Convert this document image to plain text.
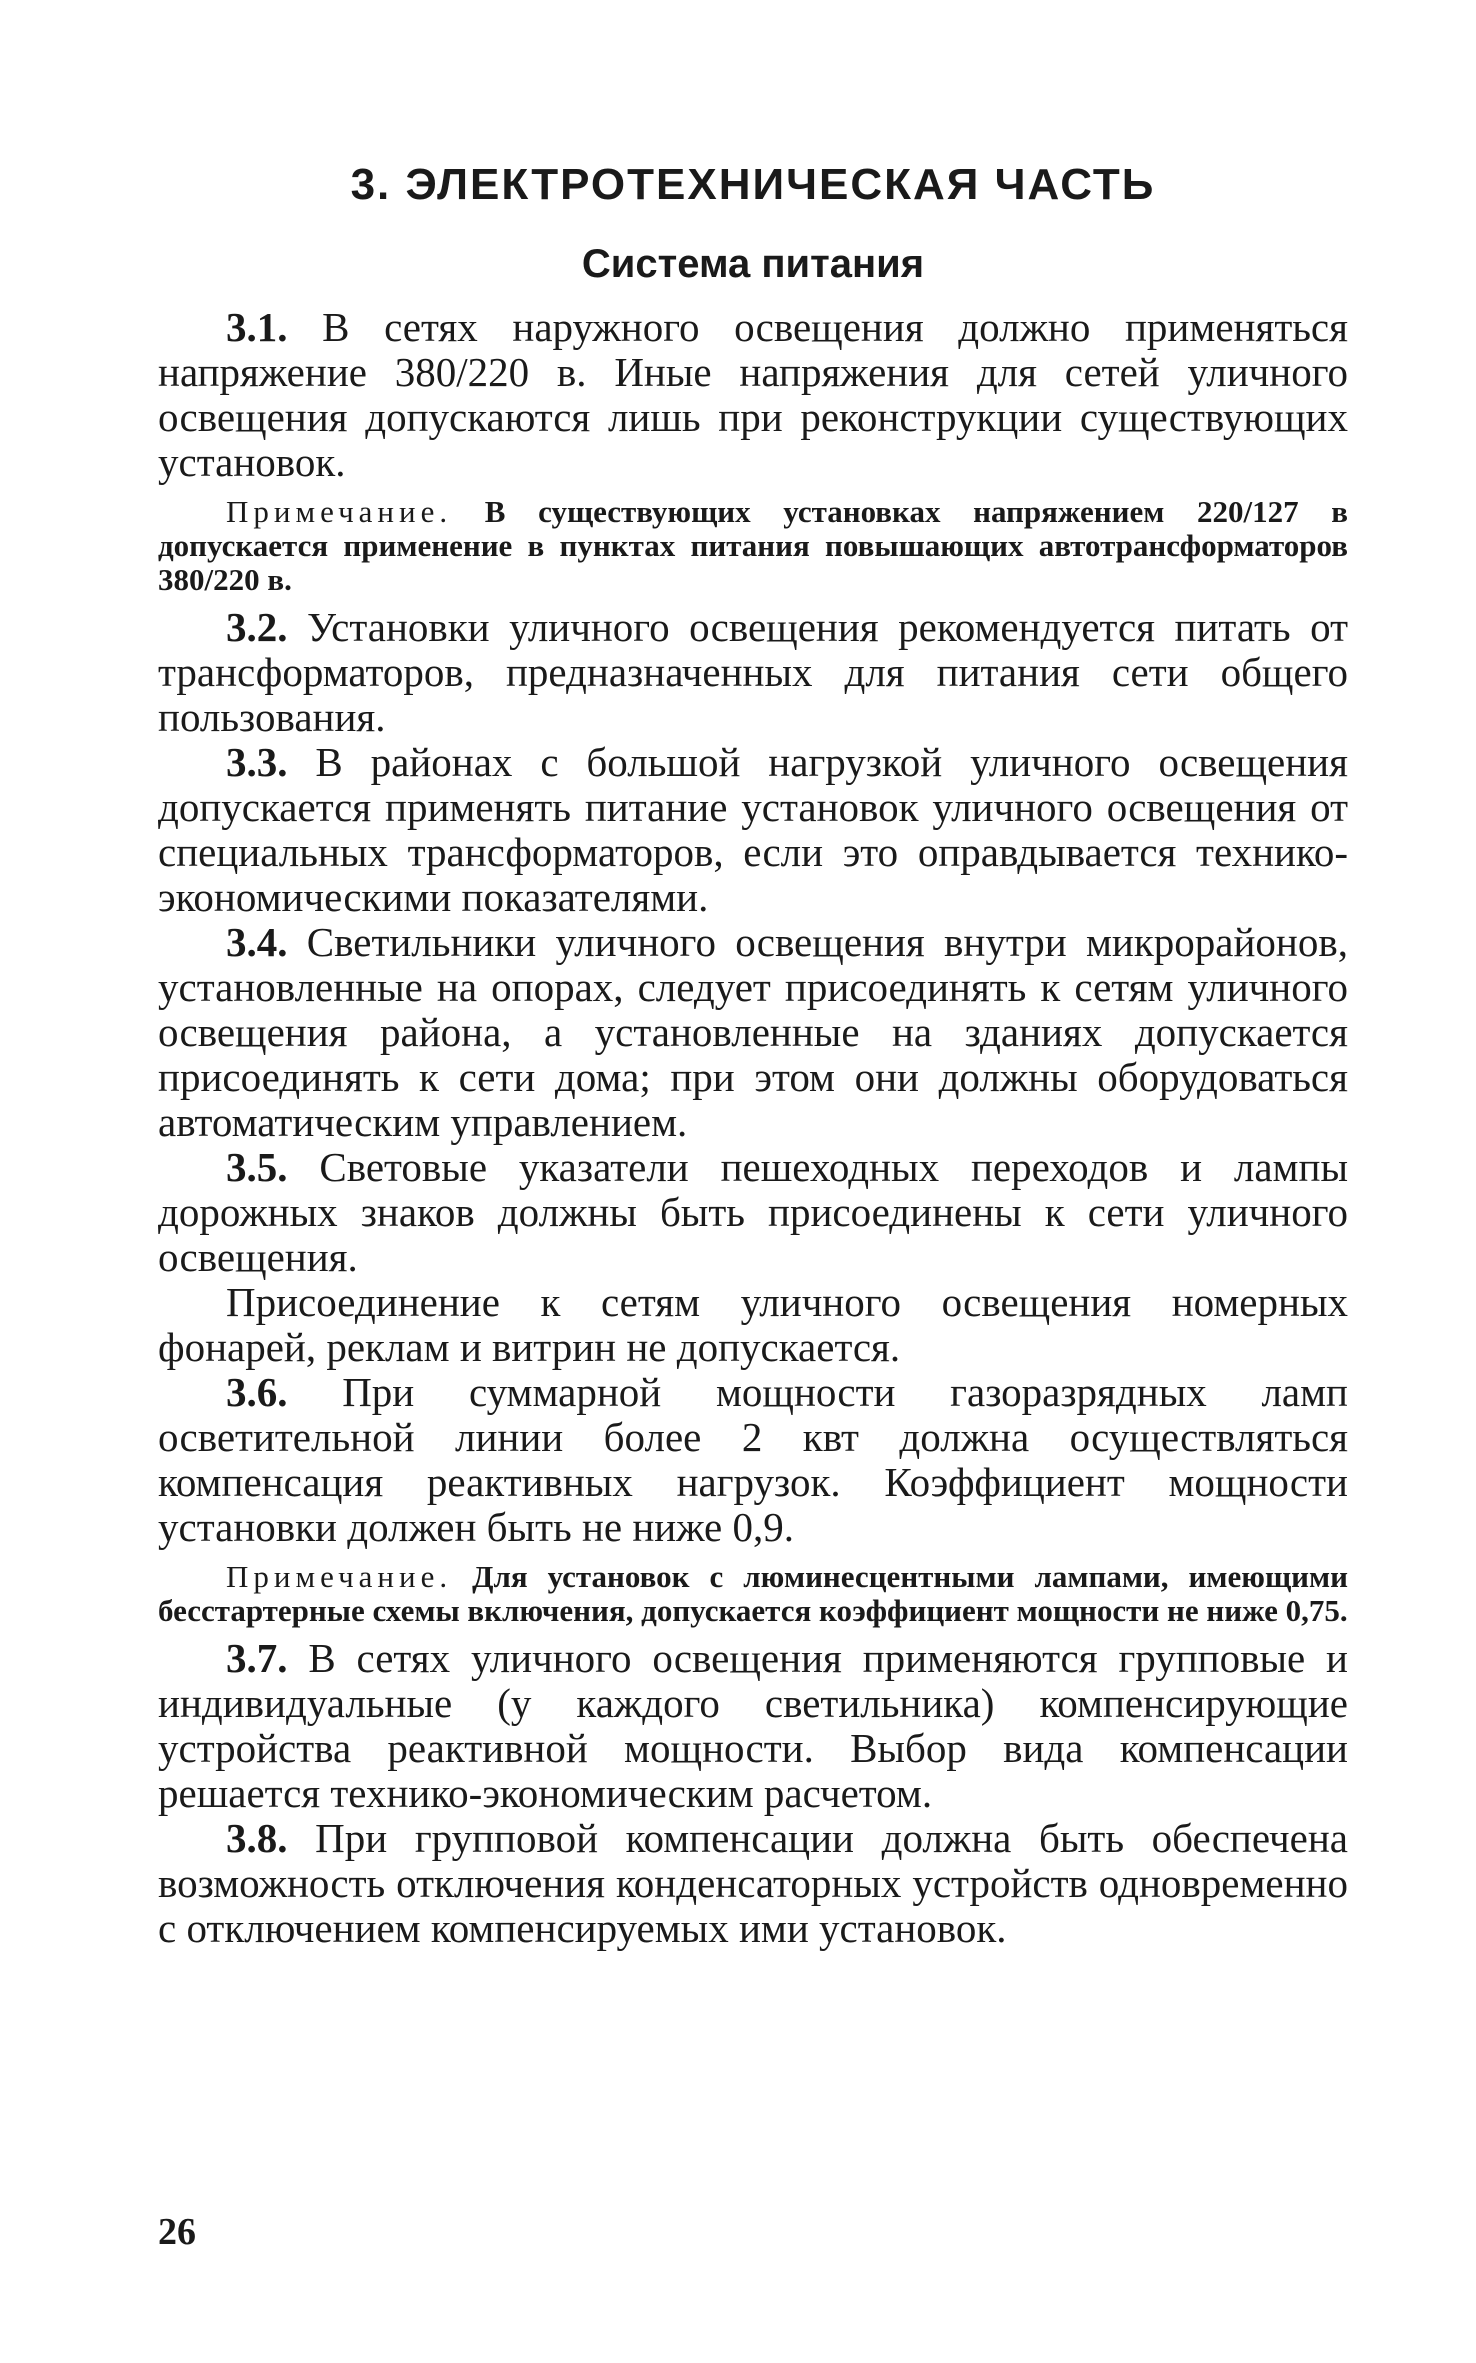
3. ЭЛЕКТРОТЕХНИЧЕСКАЯ ЧАСТЬ
Система питания

3.1. В сетях наружного освещения должно применяться напряжение 380/220 в. Иные напряжения для сетей уличного освещения допускаются лишь при реконструкции существующих установок.

Примечание. В существующих установках напряжением 220/127 в допускается применение в пунктах питания повышающих автотрансформаторов 380/220 в.

3.2. Установки уличного освещения рекомендуется питать от трансформаторов, предназначенных для питания сети общего пользования.

3.3. В районах с большой нагрузкой уличного освещения допускается применять питание установок уличного освещения от специальных трансформаторов, если это оправдывается технико-экономическими показателями.

3.4. Светильники уличного освещения внутри микрорайонов, установленные на опорах, следует присоединять к сетям уличного освещения района, а установленные на зданиях допускается присоединять к сети дома; при этом они должны оборудоваться автоматическим управлением.

3.5. Световые указатели пешеходных переходов и лампы дорожных знаков должны быть присоединены к сети уличного освещения.

Присоединение к сетям уличного освещения номерных фонарей, реклам и витрин не допускается.

3.6. При суммарной мощности газоразрядных ламп осветительной линии более 2 квт должна осуществляться компенсация реактивных нагрузок. Коэффициент мощности установки должен быть не ниже 0,9.

Примечание. Для установок с люминесцентными лампами, имеющими бесстартерные схемы включения, допускается коэффициент мощности не ниже 0,75.

3.7. В сетях уличного освещения применяются групповые и индивидуальные (у каждого светильника) компенсирующие устройства реактивной мощности. Выбор вида компенсации решается технико-экономическим расчетом.

3.8. При групповой компенсации должна быть обеспечена возможность отключения конденсаторных устройств одновременно с отключением компенсируемых ими установок.

26
